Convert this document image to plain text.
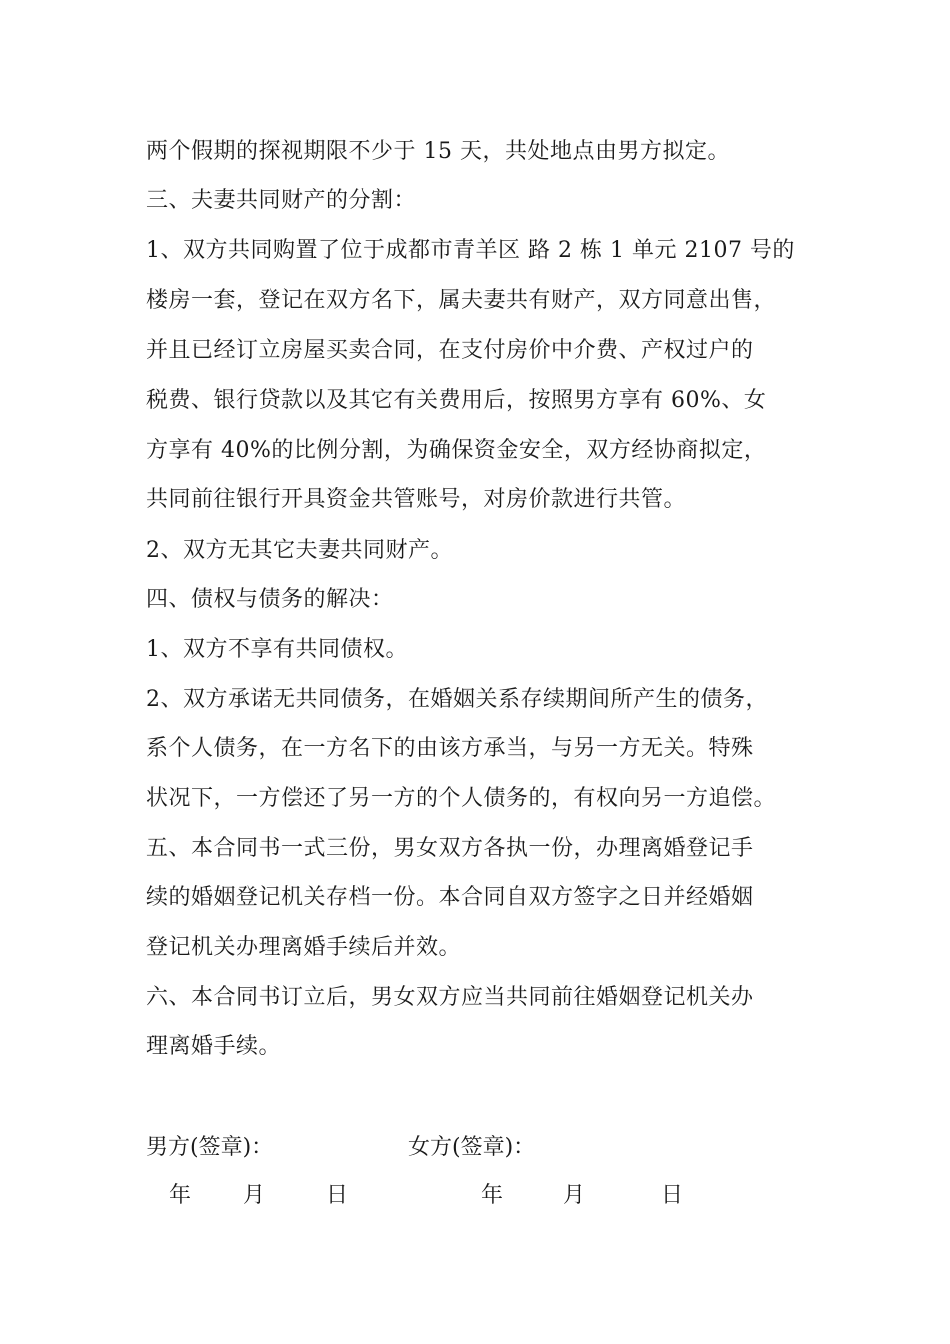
两个假期的探视期限不少于 15 天，共处地点由男方拟定。
三、夫妻共同财产的分割：
1、双方共同购置了位于成都市青羊区 路 2 栋 1 单元 2107 号的
楼房一套，登记在双方名下，属夫妻共有财产，双方同意出售，
并且已经订立房屋买卖合同，在支付房价中介费、产权过户的
税费、银行贷款以及其它有关费用后，按照男方享有 60%、女
方享有 40%的比例分割，为确保资金安全，双方经协商拟定，
共同前往银行开具资金共管账号，对房价款进行共管。
2、双方无其它夫妻共同财产。
四、债权与债务的解决：
1、双方不享有共同债权。
2、双方承诺无共同债务，在婚姻关系存续期间所产生的债务，
系个人债务，在一方名下的由该方承当，与另一方无关。特殊
状况下，一方偿还了另一方的个人债务的，有权向另一方追偿。
五、本合同书一式三份，男女双方各执一份，办理离婚登记手
续的婚姻登记机关存档一份。本合同自双方签字之日并经婚姻
登记机关办理离婚手续后并效。
六、本合同书订立后，男女双方应当共同前往婚姻登记机关办
理离婚手续。
男方(签章)：	女方(签章)：
年 月	日	年	月	日
